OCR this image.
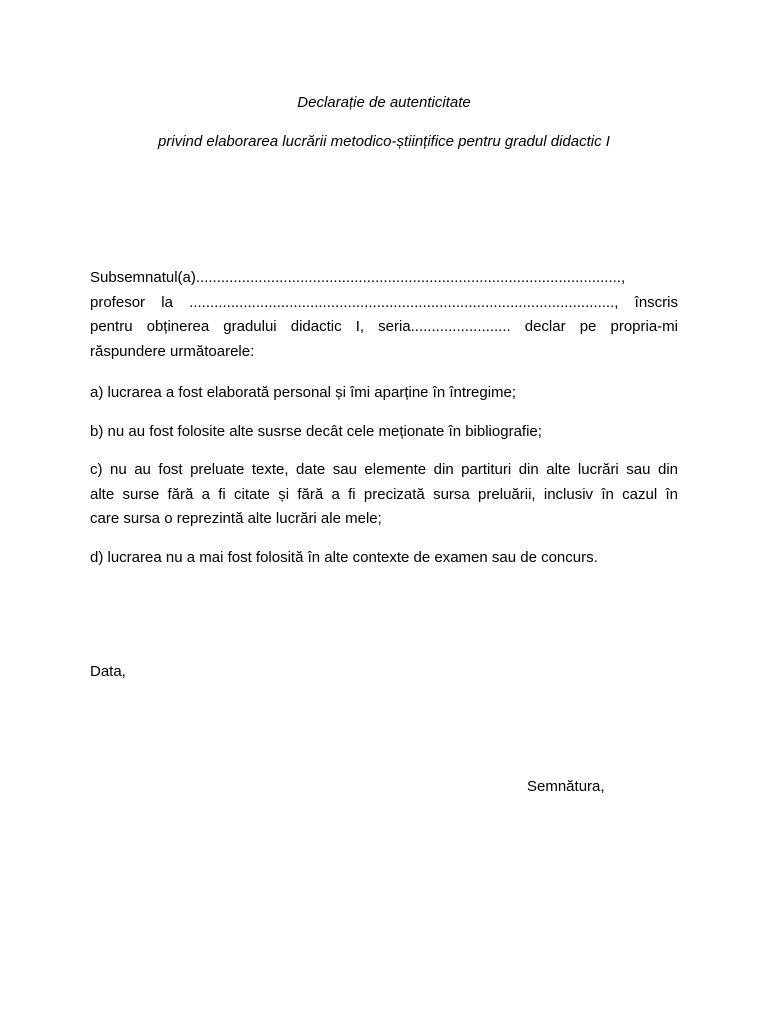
Declarație de autenticitate
privind elaborarea lucrării metodico-științifice pentru gradul didactic I
Subsemnatul(a)......................................................................................................,
profesor la ......................................................................................................, înscris
pentru obținerea gradului didactic I, seria........................ declar pe propria-mi
răspundere următoarele:
a) lucrarea a fost elaborată personal și îmi aparține în întregime;
b) nu au fost folosite alte susrse decât cele meționate în bibliografie;
c) nu au fost preluate texte, date sau elemente din partituri din alte lucrări sau din
alte surse fără a fi citate și fără a fi precizată sursa preluării, inclusiv în cazul în
care sursa o reprezintă alte lucrări ale mele;
d) lucrarea nu a mai fost folosită în alte contexte de examen sau de concurs.
Data,
Semnătura,
